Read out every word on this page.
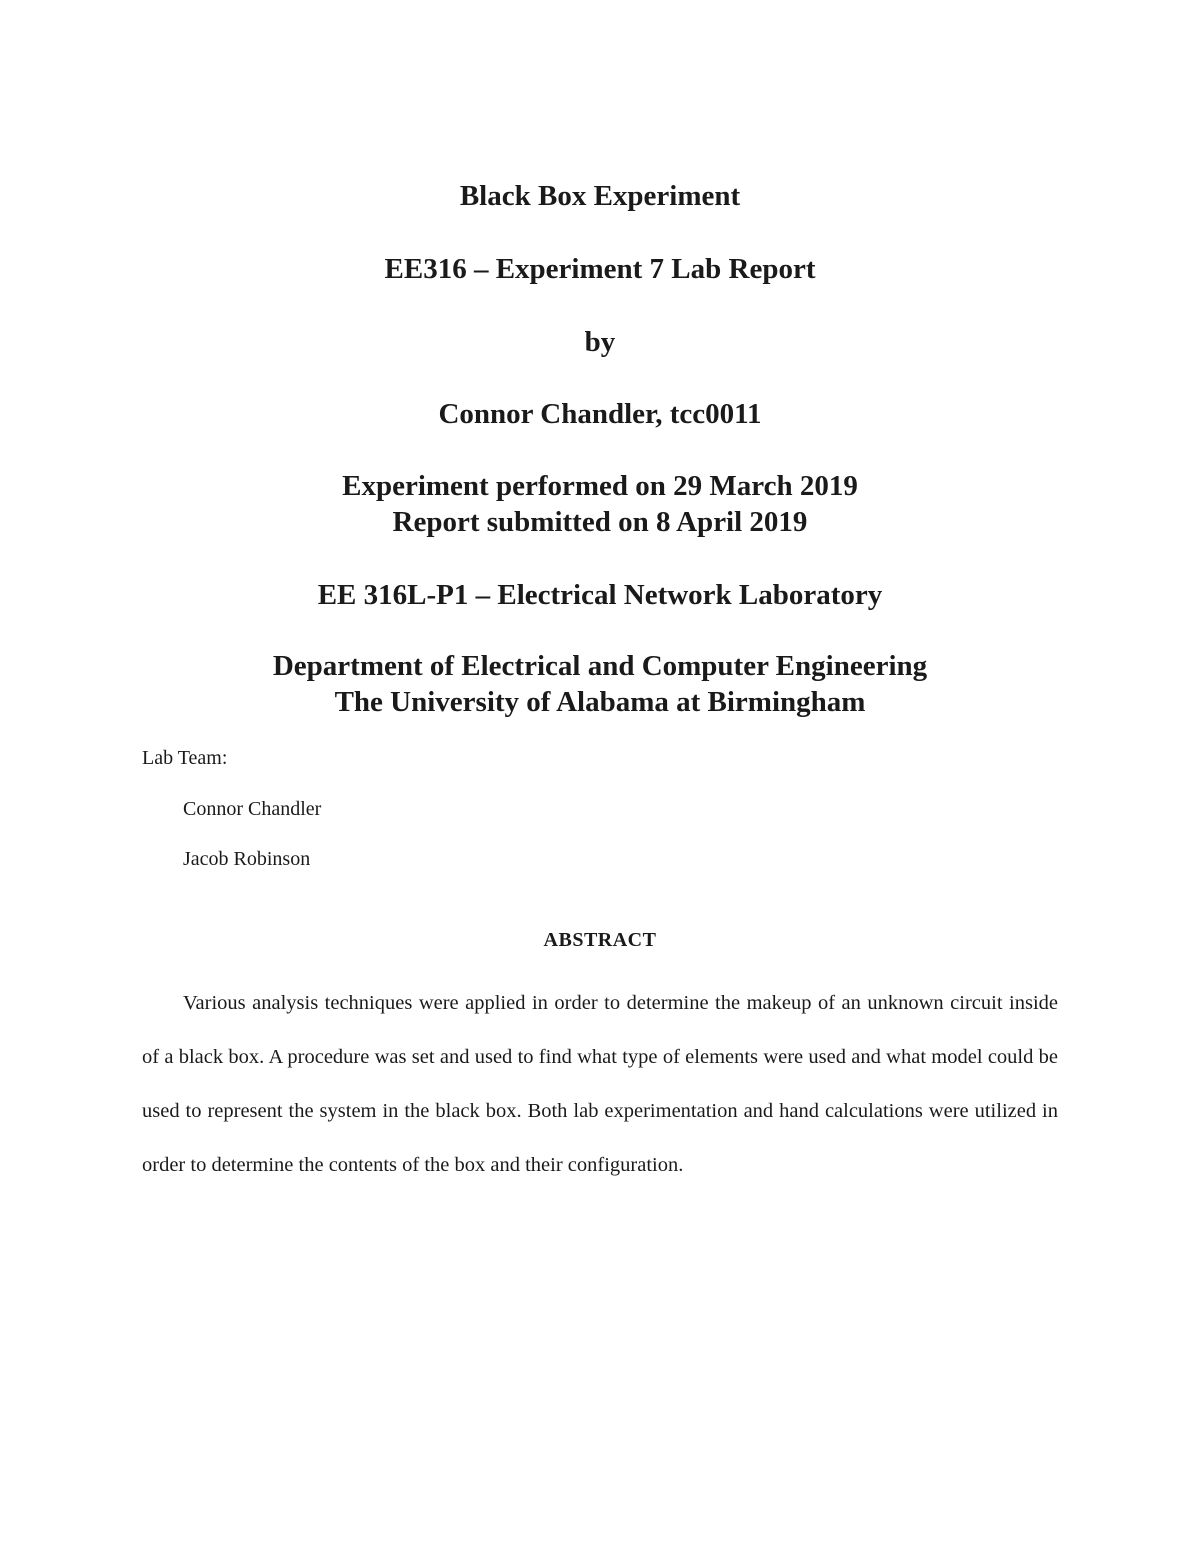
Black Box Experiment
EE316 – Experiment 7 Lab Report
by
Connor Chandler, tcc0011
Experiment performed on 29 March 2019
Report submitted on 8 April 2019
EE 316L-P1 – Electrical Network Laboratory
Department of Electrical and Computer Engineering
The University of Alabama at Birmingham
Lab Team:
Connor Chandler
Jacob Robinson
ABSTRACT

Various analysis techniques were applied in order to determine the makeup of an unknown circuit inside of a black box. A procedure was set and used to find what type of elements were used and what model could be used to represent the system in the black box. Both lab experimentation and hand calculations were utilized in order to determine the contents of the box and their configuration.
